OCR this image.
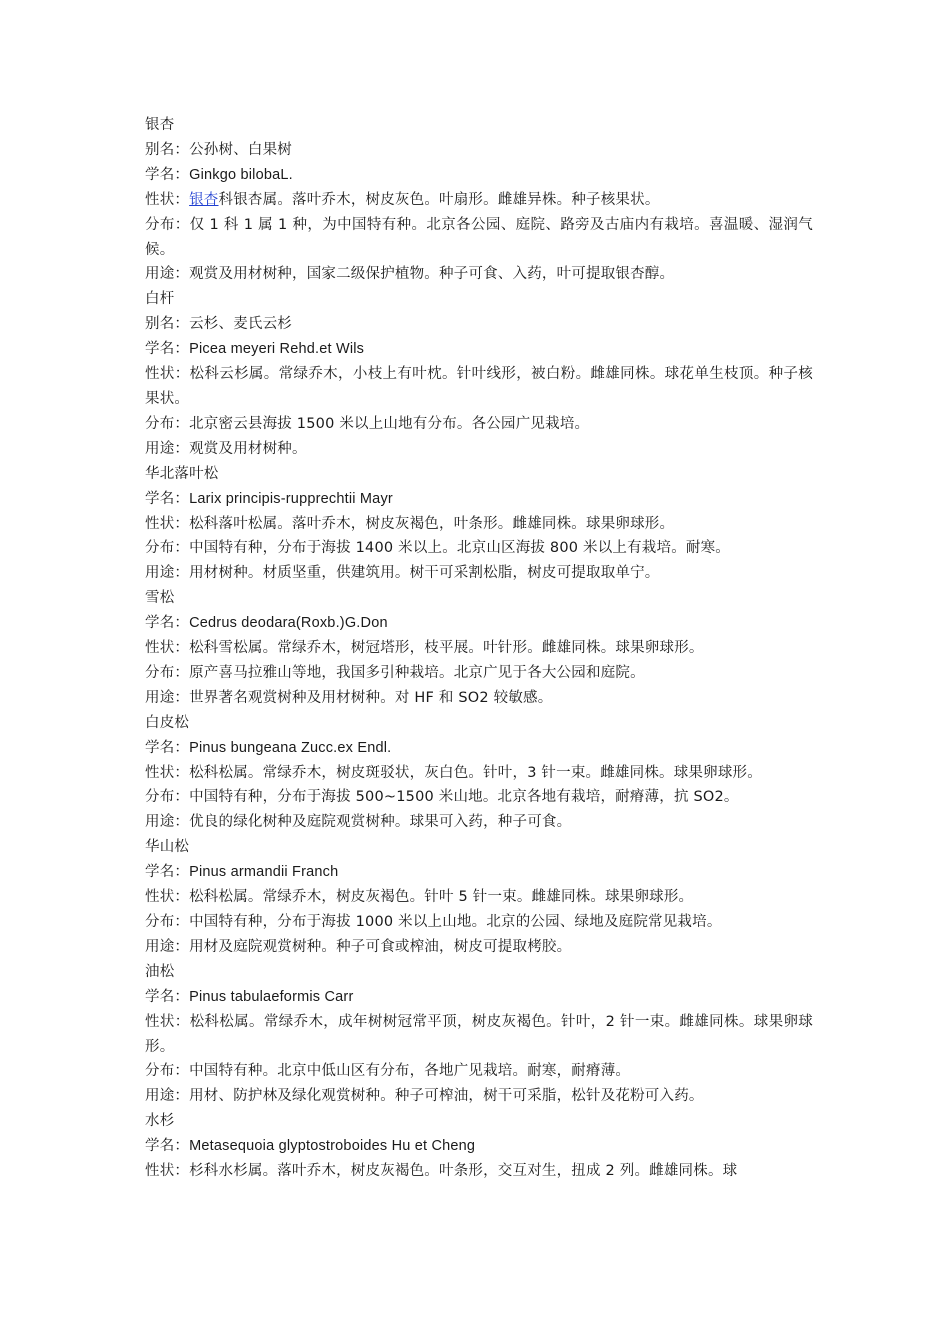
银杏
别名：公孙树、白果树
学名：Ginkgo bilobaL.
性状：银杏科银杏属。落叶乔木，树皮灰色。叶扇形。雌雄异株。种子核果状。
分布：仅 1 科 1 属 1 种，为中国特有种。北京各公园、庭院、路旁及古庙内有栽培。喜温暖、湿润气候。
用途：观赏及用材树种，国家二级保护植物。种子可食、入药，叶可提取银杏醇。
白杆
别名：云杉、麦氏云杉
学名：Picea meyeri Rehd.et Wils
性状：松科云杉属。常绿乔木，小枝上有叶枕。针叶线形，被白粉。雌雄同株。球花单生枝顶。种子核果状。
分布：北京密云县海拔 1500 米以上山地有分布。各公园广见栽培。
用途：观赏及用材树种。
华北落叶松
学名：Larix principis-rupprechtii Mayr
性状：松科落叶松属。落叶乔木，树皮灰褐色，叶条形。雌雄同株。球果卵球形。
分布：中国特有种，分布于海拔 1400 米以上。北京山区海拔 800 米以上有栽培。耐寒。
用途：用材树种。材质坚重，供建筑用。树干可采割松脂，树皮可提取取单宁。
雪松
学名：Cedrus deodara(Roxb.)G.Don
性状：松科雪松属。常绿乔木，树冠塔形，枝平展。叶针形。雌雄同株。球果卵球形。
分布：原产喜马拉雅山等地，我国多引种栽培。北京广见于各大公园和庭院。
用途：世界著名观赏树种及用材树种。对 HF 和 SO2 较敏感。
白皮松
学名：Pinus bungeana Zucc.ex Endl.
性状：松科松属。常绿乔木，树皮斑驳状，灰白色。针叶，3 针一束。雌雄同株。球果卵球形。
分布：中国特有种，分布于海拔 500~1500 米山地。北京各地有栽培，耐瘠薄，抗 SO2。
用途：优良的绿化树种及庭院观赏树种。球果可入药，种子可食。
华山松
学名：Pinus armandii Franch
性状：松科松属。常绿乔木，树皮灰褐色。针叶 5 针一束。雌雄同株。球果卵球形。
分布：中国特有种，分布于海拔 1000 米以上山地。北京的公园、绿地及庭院常见栽培。
用途：用材及庭院观赏树种。种子可食或榨油，树皮可提取栲胶。
油松
学名：Pinus tabulaeformis Carr
性状：松科松属。常绿乔木，成年树树冠常平顶，树皮灰褐色。针叶，2 针一束。雌雄同株。球果卵球形。
分布：中国特有种。北京中低山区有分布，各地广见栽培。耐寒，耐瘠薄。
用途：用材、防护林及绿化观赏树种。种子可榨油，树干可采脂，松针及花粉可入药。
水杉
学名：Metasequoia glyptostroboides Hu et Cheng
性状：杉科水杉属。落叶乔木，树皮灰褐色。叶条形，交互对生，扭成 2 列。雌雄同株。球
